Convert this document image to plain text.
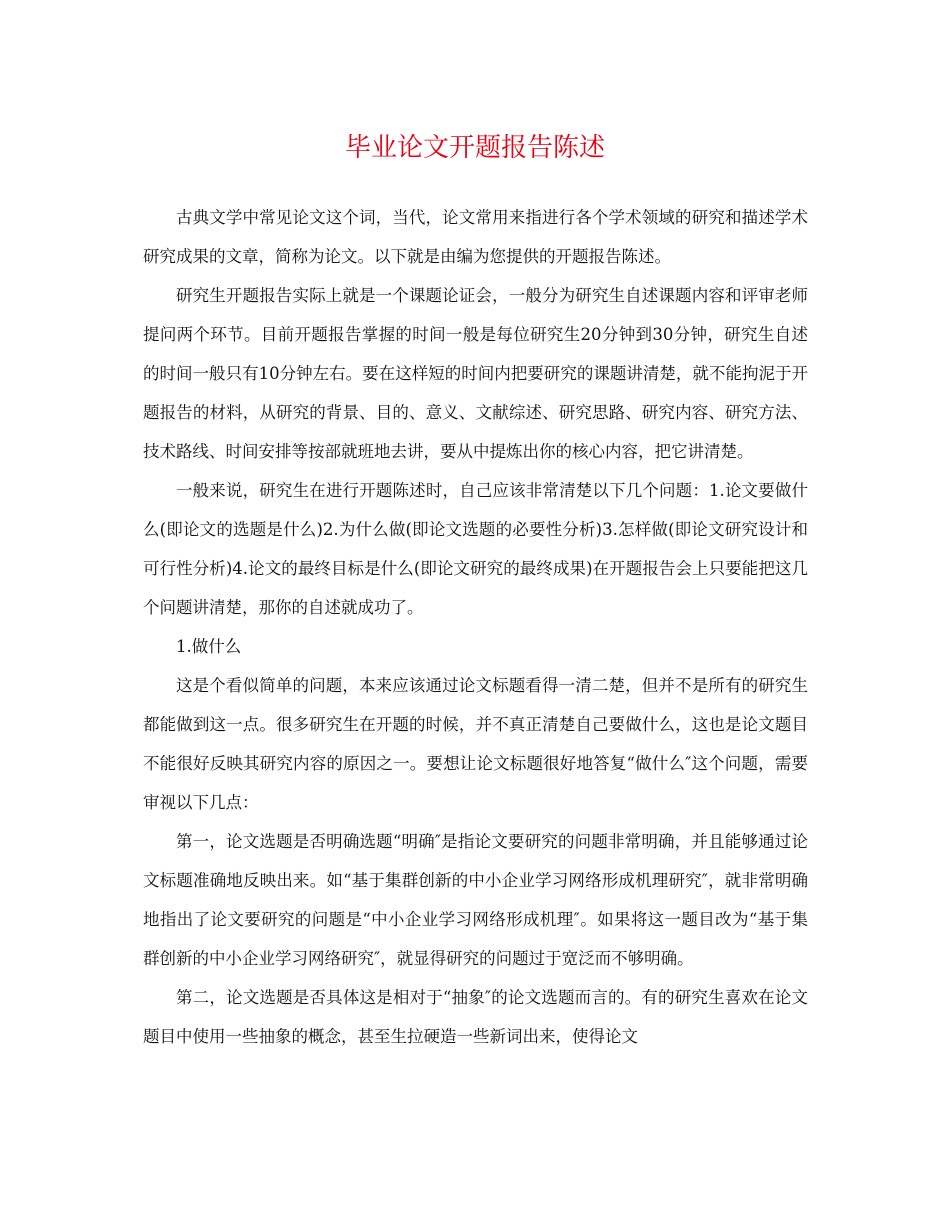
毕业论文开题报告陈述

古典文学中常见论文这个词，当代，论文常用来指进行各个学术领域的研究和描述学术研究成果的文章，简称为论文。以下就是由编为您提供的开题报告陈述。

研究生开题报告实际上就是一个课题论证会，一般分为研究生自述课题内容和评审老师提问两个环节。目前开题报告掌握的时间一般是每位研究生20分钟到30分钟，研究生自述的时间一般只有10分钟左右。要在这样短的时间内把要研究的课题讲清楚，就不能拘泥于开题报告的材料，从研究的背景、目的、意义、文献综述、研究思路、研究内容、研究方法、技术路线、时间安排等按部就班地去讲，要从中提炼出你的核心内容，把它讲清楚。

一般来说，研究生在进行开题陈述时，自己应该非常清楚以下几个问题：1.论文要做什么(即论文的选题是什么)2.为什么做(即论文选题的必要性分析)3.怎样做(即论文研究设计和可行性分析)4.论文的最终目标是什么(即论文研究的最终成果)在开题报告会上只要能把这几个问题讲清楚，那你的自述就成功了。

1.做什么

这是个看似简单的问题，本来应该通过论文标题看得一清二楚，但并不是所有的研究生都能做到这一点。很多研究生在开题的时候，并不真正清楚自己要做什么，这也是论文题目不能很好反映其研究内容的原因之一。要想让论文标题很好地答复“做什么″这个问题，需要审视以下几点：

第一，论文选题是否明确选题“明确″是指论文要研究的问题非常明确，并且能够通过论文标题准确地反映出来。如“基于集群创新的中小企业学习网络形成机理研究″，就非常明确地指出了论文要研究的问题是“中小企业学习网络形成机理″。如果将这一题目改为“基于集群创新的中小企业学习网络研究″，就显得研究的问题过于宽泛而不够明确。

第二，论文选题是否具体这是相对于“抽象″的论文选题而言的。有的研究生喜欢在论文题目中使用一些抽象的概念，甚至生拉硬造一些新词出来，使得论文
